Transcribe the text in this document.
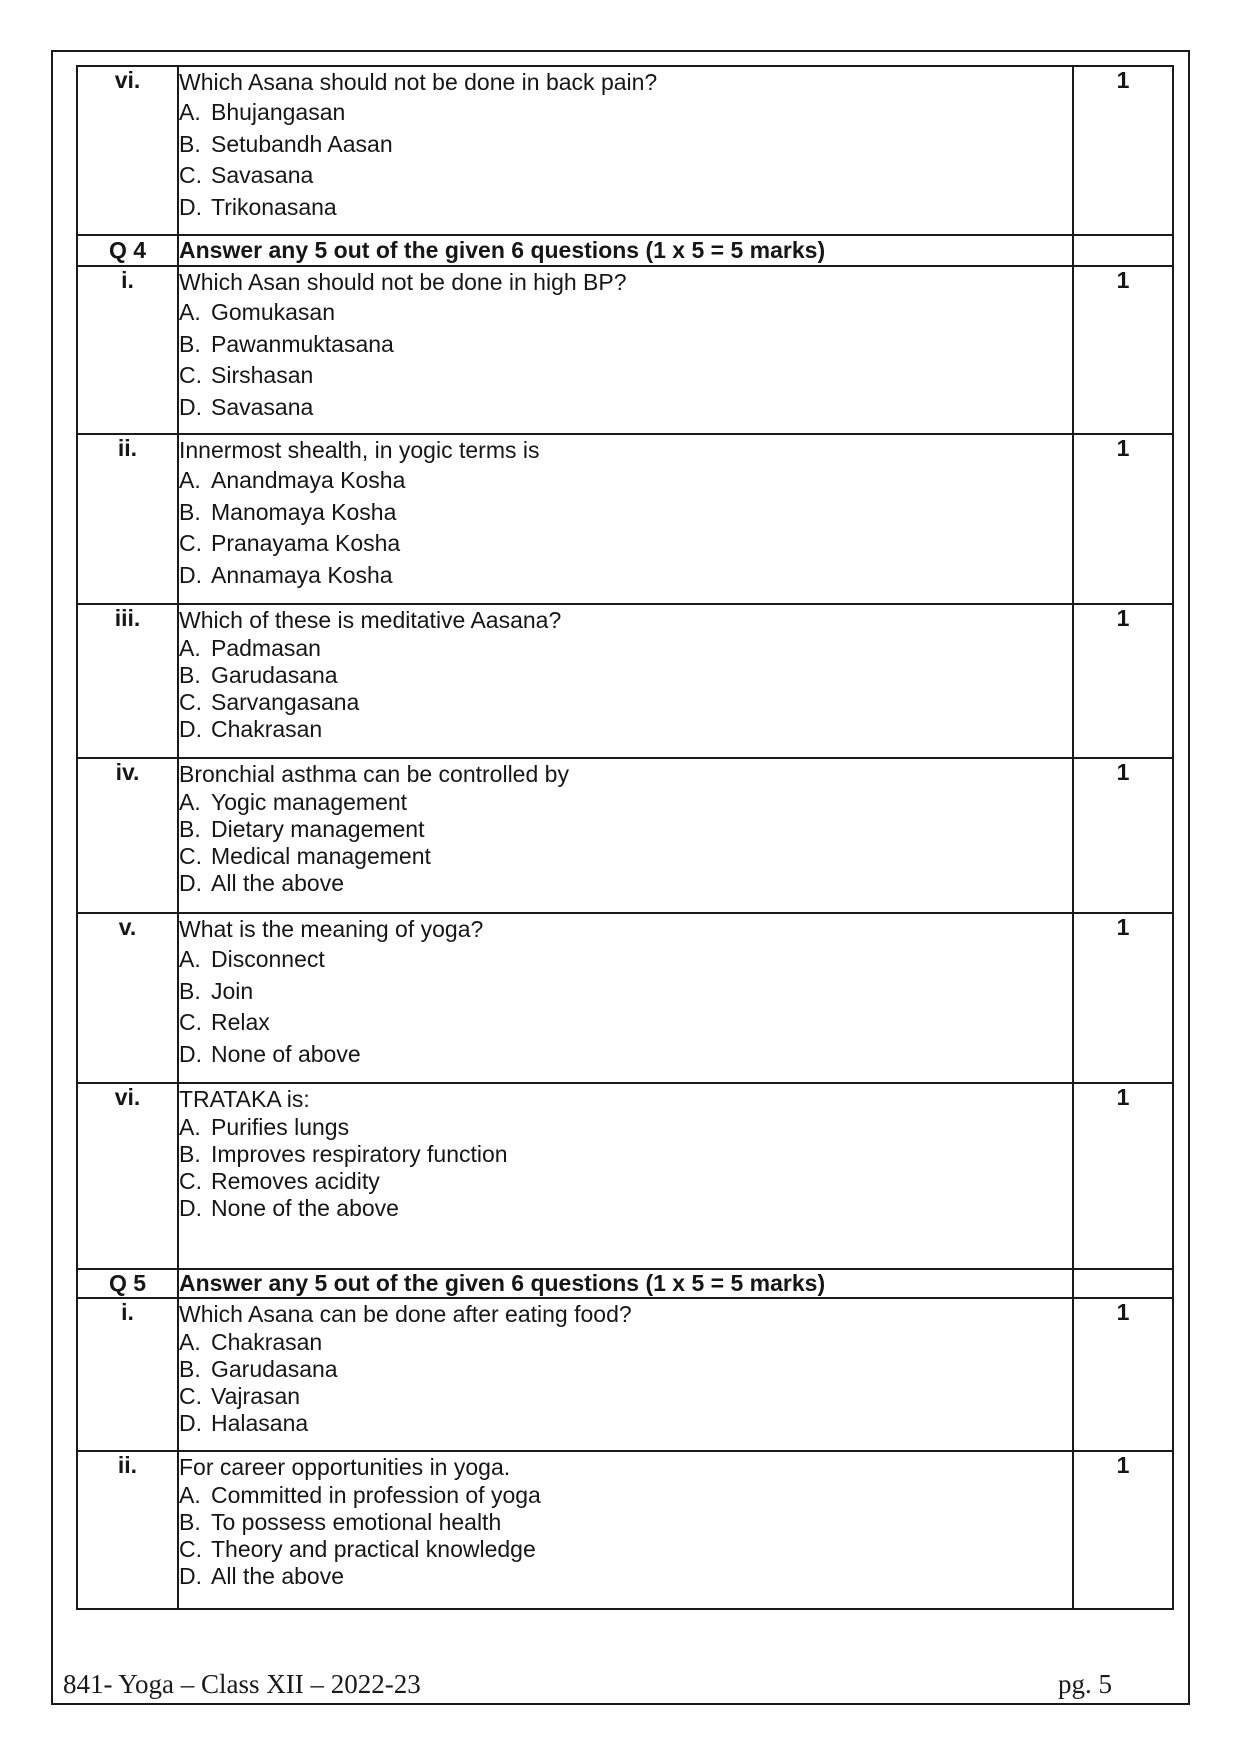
vi.	Which Asana should not be done in back pain?
A. Bhujangasan
B. Setubandh Aasan
C. Savasana
D. Trikonasana	1
Q 4	Answer any 5 out of the given 6 questions (1 x 5 = 5 marks)	
i.	Which Asan should not be done in high BP?
A. Gomukasan
B. Pawanmuktasana
C. Sirshasan
D. Savasana	1
ii.	Innermost shealth, in yogic terms is
A. Anandmaya Kosha
B. Manomaya Kosha
C. Pranayama Kosha
D. Annamaya Kosha	1
iii.	Which of these is meditative Aasana?
A. Padmasan
B. Garudasana
C. Sarvangasana
D. Chakrasan	1
iv.	Bronchial asthma can be controlled by
A. Yogic management
B. Dietary management
C. Medical management
D. All the above	1
v.	What is the meaning of yoga?
A. Disconnect
B. Join
C. Relax
D. None of above	1
vi.	TRATAKA is:
A. Purifies lungs
B. Improves respiratory function
C. Removes acidity
D. None of the above	1
Q 5	Answer any 5 out of the given 6 questions (1 x 5 = 5 marks)	
i.	Which Asana can be done after eating food?
A. Chakrasan
B. Garudasana
C. Vajrasan
D. Halasana	1
ii.	For career opportunities in yoga.
A. Committed in profession of yoga
B. To possess emotional health
C. Theory and practical knowledge
D. All the above	1
841- Yoga – Class XII – 2022-23	pg. 5
